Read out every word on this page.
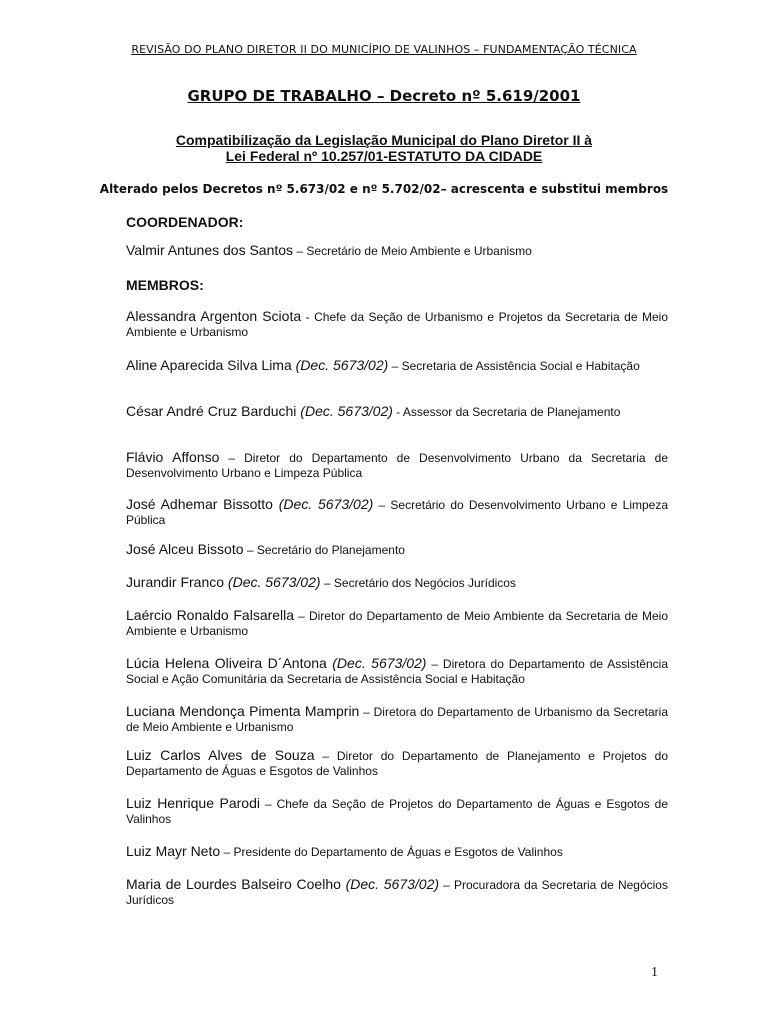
REVISÃO DO PLANO DIRETOR II DO MUNICÍPIO DE VALINHOS – FUNDAMENTAÇÃO TÉCNICA
GRUPO DE TRABALHO – Decreto nº 5.619/2001
Compatibilização da Legislação Municipal do Plano Diretor II à
Lei Federal nº 10.257/01-ESTATUTO DA CIDADE
Alterado pelos Decretos nº 5.673/02 e nº 5.702/02– acrescenta e substitui membros
COORDENADOR:
Valmir Antunes dos Santos – Secretário de Meio Ambiente e Urbanismo
MEMBROS:
Alessandra Argenton Sciota - Chefe da Seção de Urbanismo e Projetos da Secretaria de Meio Ambiente e Urbanismo
Aline Aparecida Silva Lima (Dec. 5673/02) – Secretaria de Assistência Social e Habitação
César André Cruz Barduchi (Dec. 5673/02) - Assessor da Secretaria de Planejamento
Flávio Affonso – Diretor do Departamento de Desenvolvimento Urbano da Secretaria de Desenvolvimento Urbano e Limpeza Pública
José Adhemar Bissotto (Dec. 5673/02) – Secretário do Desenvolvimento Urbano e Limpeza Pública
José Alceu Bissoto – Secretário do Planejamento
Jurandir Franco (Dec. 5673/02) – Secretário dos Negócios Jurídicos
Laércio Ronaldo Falsarella – Diretor do Departamento de Meio Ambiente da Secretaria de Meio Ambiente e Urbanismo
Lúcia Helena Oliveira D´Antona (Dec. 5673/02) – Diretora do Departamento de Assistência Social e Ação Comunitária da Secretaria de Assistência Social e Habitação
Luciana Mendonça Pimenta Mamprin – Diretora do Departamento de Urbanismo da Secretaria de Meio Ambiente e Urbanismo
Luiz Carlos Alves de Souza – Diretor do Departamento de Planejamento e Projetos do Departamento de Águas e Esgotos de Valinhos
Luiz Henrique Parodi – Chefe da Seção de Projetos do Departamento de Águas e Esgotos de Valinhos
Luiz Mayr Neto – Presidente do Departamento de Águas e Esgotos de Valinhos
Maria de Lourdes Balseiro Coelho (Dec. 5673/02) – Procuradora da Secretaria de Negócios Jurídicos
1
